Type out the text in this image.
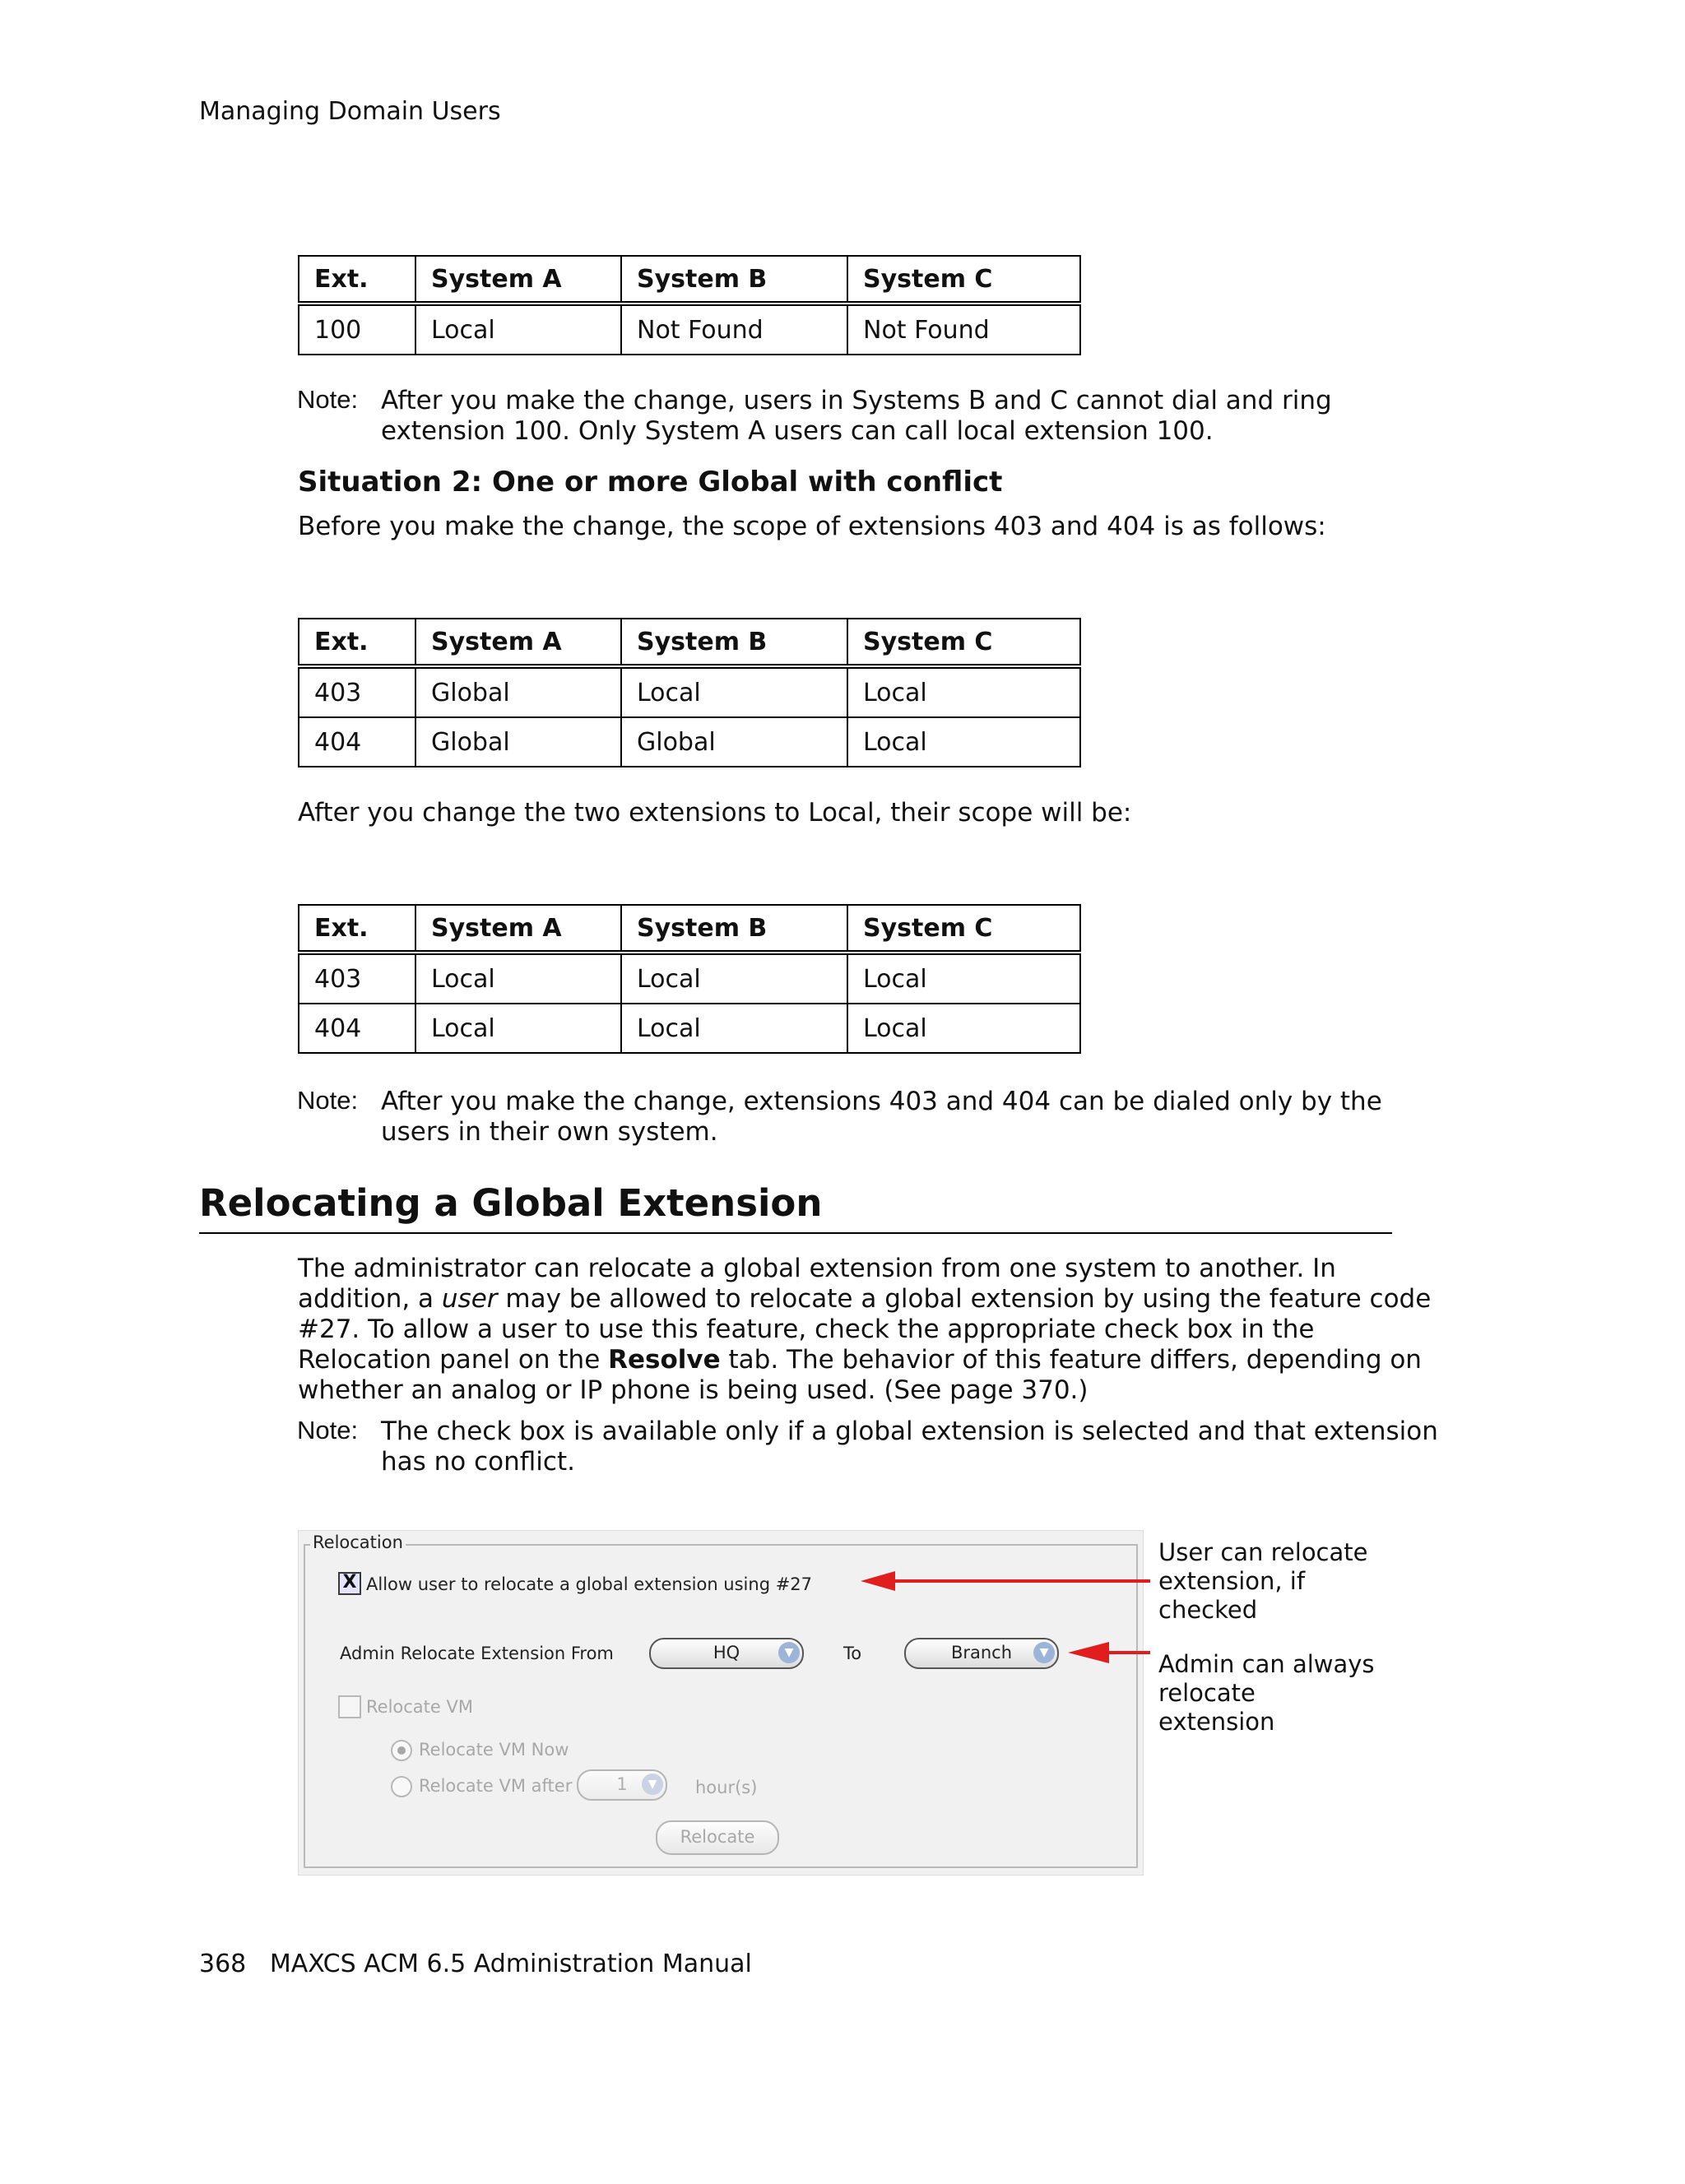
Managing Domain Users
Ext.	System A	System B	System C
100	Local	Not Found	Not Found
Note: After you make the change, users in Systems B and C cannot dial and ring
extension 100. Only System A users can call local extension 100.
Situation 2: One or more Global with conflict
Before you make the change, the scope of extensions 403 and 404 is as follows:
Ext.	System A	System B	System C
403	Global	Local	Local
404	Global	Global	Local
After you change the two extensions to Local, their scope will be:
Ext.	System A	System B	System C
403	Local	Local	Local
404	Local	Local	Local
Note: After you make the change, extensions 403 and 404 can be dialed only by the
users in their own system.
Relocating a Global Extension
The administrator can relocate a global extension from one system to another. In
addition, a user may be allowed to relocate a global extension by using the feature code
#27. To allow a user to use this feature, check the appropriate check box in the
Relocation panel on the Resolve tab. The behavior of this feature differs, depending on
whether an analog or IP phone is being used. (See page 370.)
Note: The check box is available only if a global extension is selected and that extension
has no conflict.
Relocation
X Allow user to relocate a global extension using #27
Admin Relocate Extension From	HQ	▼	To	Branch	▼
Relocate VM
Relocate VM Now
Relocate VM after	1	▼	hour(s)
Relocate
User can relocate
extension, if
checked
Admin can always
relocate
extension
368 MAXCS ACM 6.5 Administration Manual
